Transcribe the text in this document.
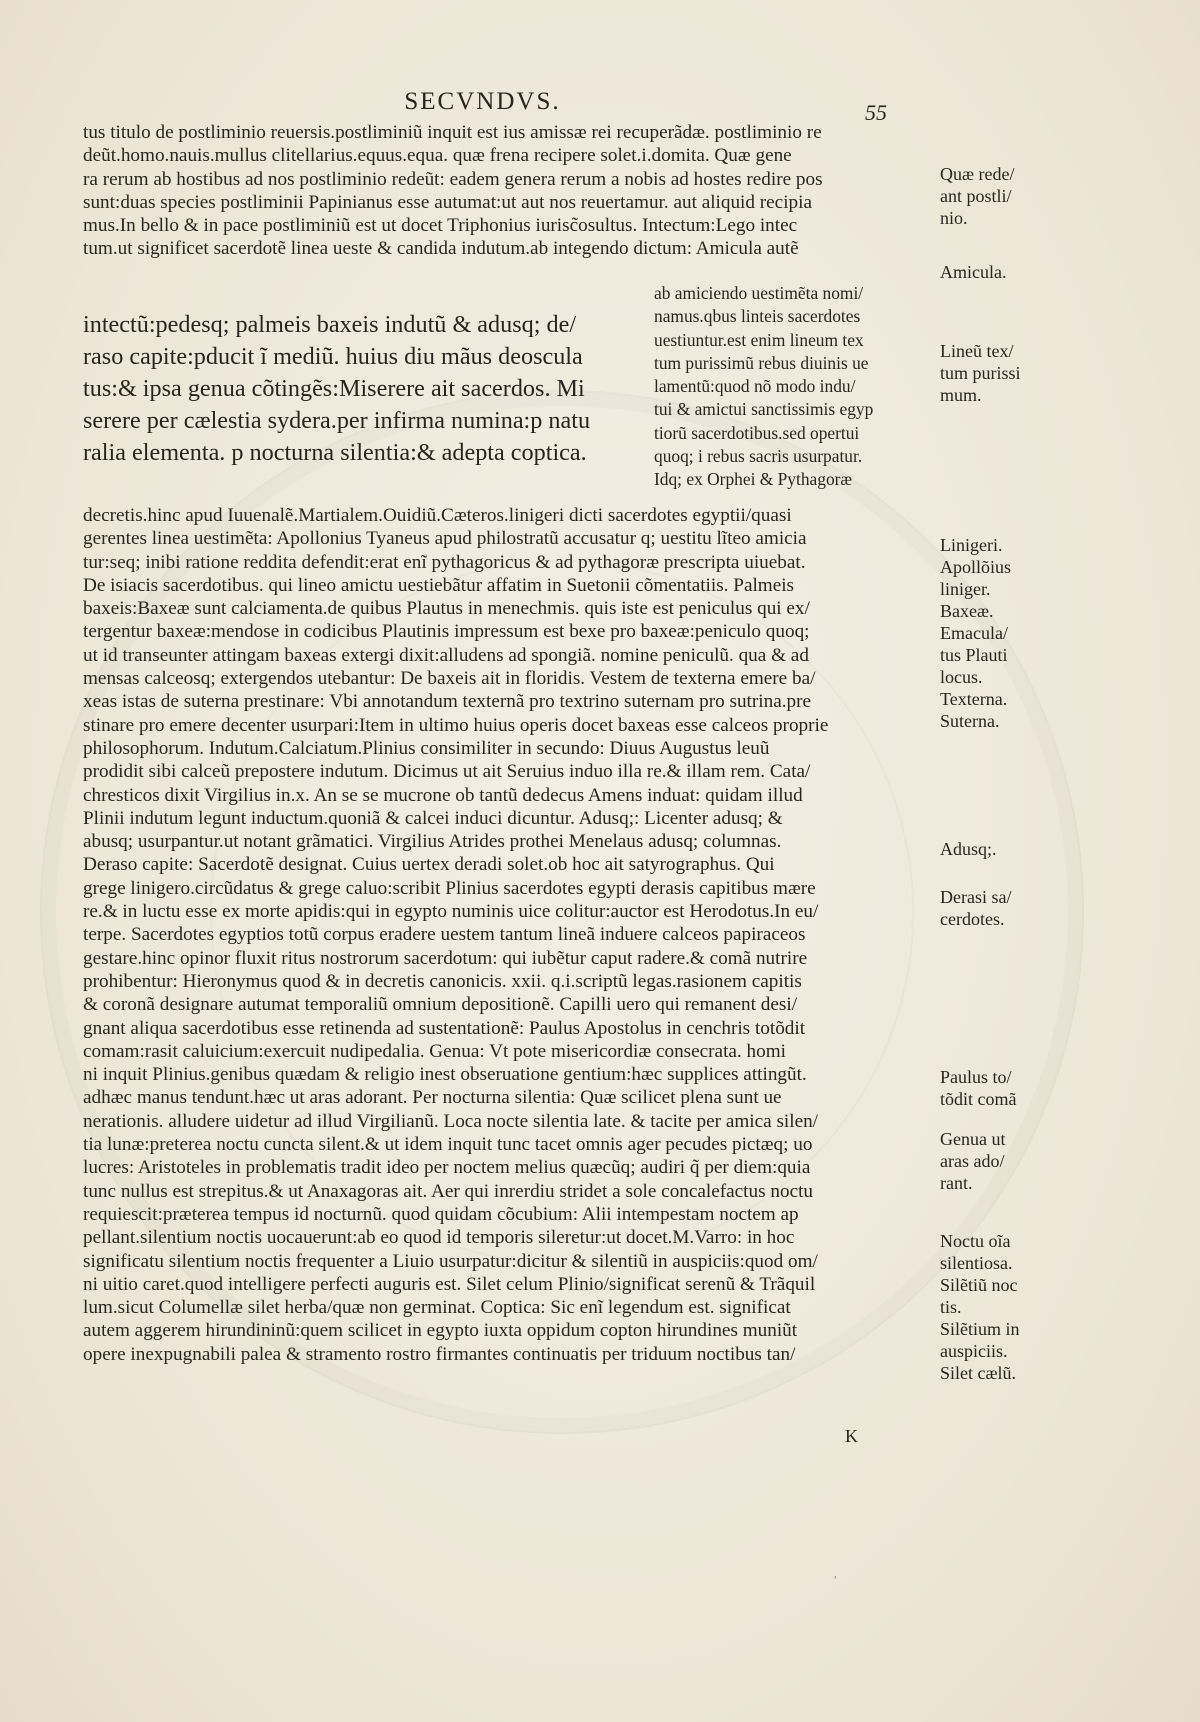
SECVNDVS.	55
tus titulo de postliminio reuersis.postliminiũ inquit est ius amissæ rei recuperãdæ. postliminio re
deũt.homo.nauis.mullus clitellarius.equus.equa. quæ frena recipere solet.i.domita. Quæ gene
ra rerum ab hostibus ad nos postliminio redeũt: eadem genera rerum a nobis ad hostes redire pos
sunt:duas species postliminii Papinianus esse autumat:ut aut nos reuertamur. aut aliquid recipia
mus.In bello & in pace postliminiũ est ut docet Triphonius iurisc̃osultus. Intectum:Lego intec
tum.ut significet sacerdotẽ linea ueste & candida indutum.ab integendo dictum: Amicula autẽ
intectũ:pedesq; palmeis baxeis indutũ & adusq; de/
raso capite:pducit ĩ mediũ. huius diu mãus deoscula
tus:& ipsa genua cõtingẽs:Miserere ait sacerdos. Mi
serere per cælestia sydera.per infirma numina:p natu
ralia elementa. p nocturna silentia:& adepta coptica.
ab amiciendo uestimẽta nomi/
namus.qbus linteis sacerdotes
uestiuntur.est enim lineum tex
tum purissimũ rebus diuinis ue
lamentũ:quod nõ modo indu/
tui & amictui sanctissimis egyp
tiorũ sacerdotibus.sed opertui
quoq; i rebus sacris usurpatur.
Idq; ex Orphei & Pythagoræ
decretis.hinc apud Iuuenalẽ.Martialem.Ouidiũ.Cæteros.linigeri dicti sacerdotes egyptii/quasi
gerentes linea uestimẽta: Apollonius Tyaneus apud philostratũ accusatur q; uestitu lĩteo amicia
tur:seq; inibi ratione reddita defendit:erat enĩ pythagoricus & ad pythagoræ prescripta uiuebat.
De isiacis sacerdotibus. qui lineo amictu uestiebãtur affatim in Suetonii cõmentatiis. Palmeis
baxeis:Baxeæ sunt calciamenta.de quibus Plautus in menechmis. quis iste est peniculus qui ex/
tergentur baxeæ:mendose in codicibus Plautinis impressum est bexe pro baxeæ:peniculo quoq;
ut id transeunter attingam baxeas extergi dixit:alludens ad spongiã. nomine peniculũ. qua & ad
mensas calceosq; extergendos utebantur: De baxeis ait in floridis. Vestem de texterna emere ba/
xeas istas de suterna prestinare: Vbi annotandum texternã pro textrino suternam pro sutrina.pre
stinare pro emere decenter usurpari:Item in ultimo huius operis docet baxeas esse calceos proprie
philosophorum. Indutum.Calciatum.Plinius consimiliter in secundo: Diuus Augustus leuũ
prodidit sibi calceũ prepostere indutum. Dicimus ut ait Seruius induo illa re.& illam rem. Cata/
chresticos dixit Virgilius in.x. An se se mucrone ob tantũ dedecus Amens induat: quidam illud
Plinii indutum legunt inductum.quoniã & calcei induci dicuntur. Adusq;: Licenter adusq; &
abusq; usurpantur.ut notant grãmatici. Virgilius Atrides prothei Menelaus adusq; columnas.
Deraso capite: Sacerdotẽ designat. Cuius uertex deradi solet.ob hoc ait satyrographus. Qui
grege linigero.circũdatus & grege caluo:scribit Plinius sacerdotes egypti derasis capitibus mære
re.& in luctu esse ex morte apidis:qui in egypto numinis uice colitur:auctor est Herodotus.In eu/
terpe. Sacerdotes egyptios totũ corpus eradere uestem tantum lineã induere calceos papiraceos
gestare.hinc opinor fluxit ritus nostrorum sacerdotum: qui iubẽtur caput radere.& comã nutrire
prohibentur: Hieronymus quod & in decretis canonicis. xxii. q.i.scriptũ legas.rasionem capitis
& coronã designare autumat temporaliũ omnium depositionẽ. Capilli uero qui remanent desi/
gnant aliqua sacerdotibus esse retinenda ad sustentationẽ: Paulus Apostolus in cenchris totõdit
comam:rasit caluicium:exercuit nudipedalia. Genua: Vt pote misericordiæ consecrata. homi
ni inquit Plinius.genibus quædam & religio inest obseruatione gentium:hæc supplices attingũt.
adhæc manus tendunt.hæc ut aras adorant. Per nocturna silentia: Quæ scilicet plena sunt ue
nerationis. alludere uidetur ad illud Virgilianũ. Loca nocte silentia late. & tacite per amica silen/
tia lunæ:preterea noctu cuncta silent.& ut idem inquit tunc tacet omnis ager pecudes pictæq; uo
lucres: Aristoteles in problematis tradit ideo per noctem melius quæcũq; audiri q̃ per diem:quia
tunc nullus est strepitus.& ut Anaxagoras ait. Aer qui inrerdiu stridet a sole concalefactus noctu
requiescit:præterea tempus id nocturnũ. quod quidam cõcubium: Alii intempestam noctem ap
pellant.silentium noctis uocauerunt:ab eo quod id temporis sileretur:ut docet.M.Varro: in hoc
significatu silentium noctis frequenter a Liuio usurpatur:dicitur & silentiũ in auspiciis:quod om/
ni uitio caret.quod intelligere perfecti auguris est. Silet celum Plinio/significat serenũ & Trãquil
lum.sicut Columellæ silet herba/quæ non germinat. Coptica: Sic enĩ legendum est. significat
autem aggerem hirundininũ:quem scilicet in egypto iuxta oppidum copton hirundines muniũt
opere inexpugnabili palea & stramento rostro firmantes continuatis per triduum noctibus tan/
Quæ rede/
ant postli/
nio.
Amicula.
Lineũ tex/
tum purissi
mum.
Linigeri.
Apollõius
liniger.
Baxeæ.
Emacula/
tus Plauti
locus.
Texterna.
Suterna.
Adusq;.
Derasi sa/
cerdotes.
Paulus to/
tõdit comã
Genua ut
aras ado/
rant.
Noctu oĩa
silentiosa.
Silẽtiũ noc
tis.
Silẽtium in
auspiciis.
Silet cælũ.
K
ʿ
